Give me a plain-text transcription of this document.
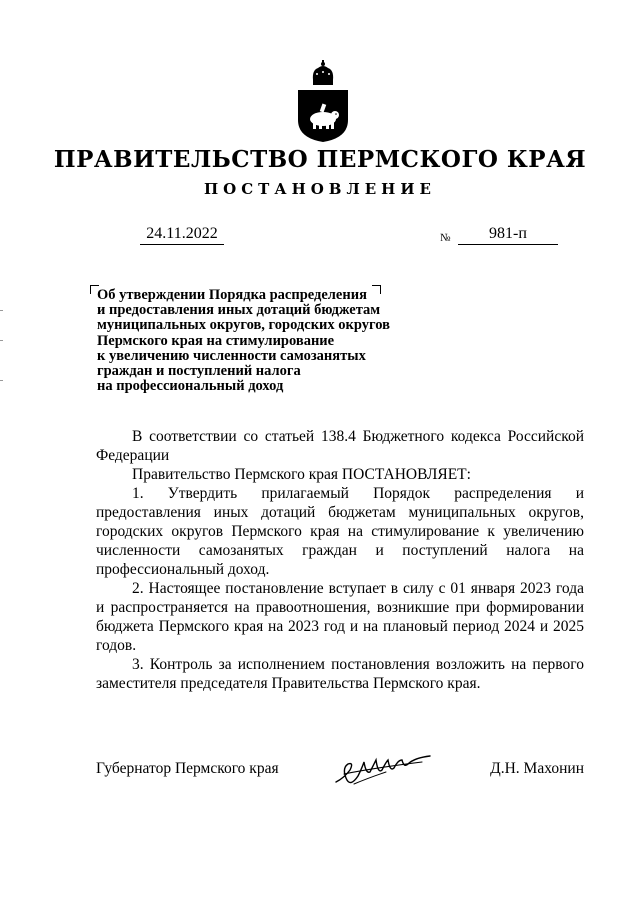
ПРАВИТЕЛЬСТВО ПЕРМСКОГО КРАЯ
ПОСТАНОВЛЕНИЕ
24.11.2022	№	981-п
Об утверждении Порядка распределения
и предоставления иных дотаций бюджетам
муниципальных округов, городских округов
Пермского края на стимулирование
к увеличению численности самозанятых
граждан и поступлений налога
на профессиональный доход

В соответствии со статьей 138.4 Бюджетного кодекса Российской Федерации

Правительство Пермского края ПОСТАНОВЛЯЕТ:

1. Утвердить прилагаемый Порядок распределения и предоставления иных дотаций бюджетам муниципальных округов, городских округов Пермского края на стимулирование к увеличению численности самозанятых граждан и поступлений налога на профессиональный доход.

2. Настоящее постановление вступает в силу с 01 января 2023 года и распространяется на правоотношения, возникшие при формировании бюджета Пермского края на 2023 год и на плановый период 2024 и 2025 годов.

3. Контроль за исполнением постановления возложить на первого заместителя председателя Правительства Пермского края.

Губернатор Пермского края	Д.Н. Махонин
